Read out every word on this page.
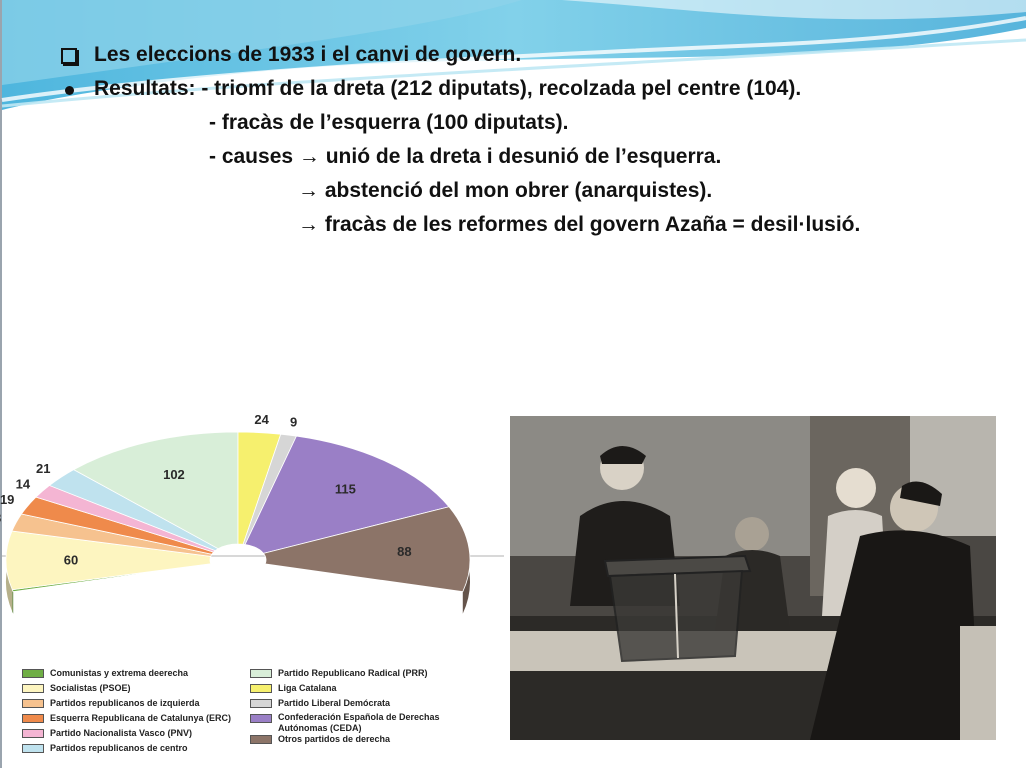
Les eleccions de 1933 i el canvi de govern.
Resultats: - triomf de la dreta (212 diputats), recolzada pel centre (104).
- fracàs de l’esquerra (100 diputats).
- causes → unió de la dreta i desunió de l’esquerra.
→ abstenció del mon obrer (anarquistes).
→ fracàs de les reformes del govern Azaña = desil·lusió.
60
19
14
21	102
24 9
115
88
Comunistas y extrema deerecha
Socialistas (PSOE)
Partidos republicanos de izquierda
Esquerra Republicana de Catalunya (ERC)
Partido Nacionalista Vasco (PNV)
Partidos republicanos de centro
Partido Republicano Radical (PRR)
Liga Catalana
Partido Liberal Demócrata
Confederación Española de Derechas Autónomas (CEDA)
Otros partidos de derecha
